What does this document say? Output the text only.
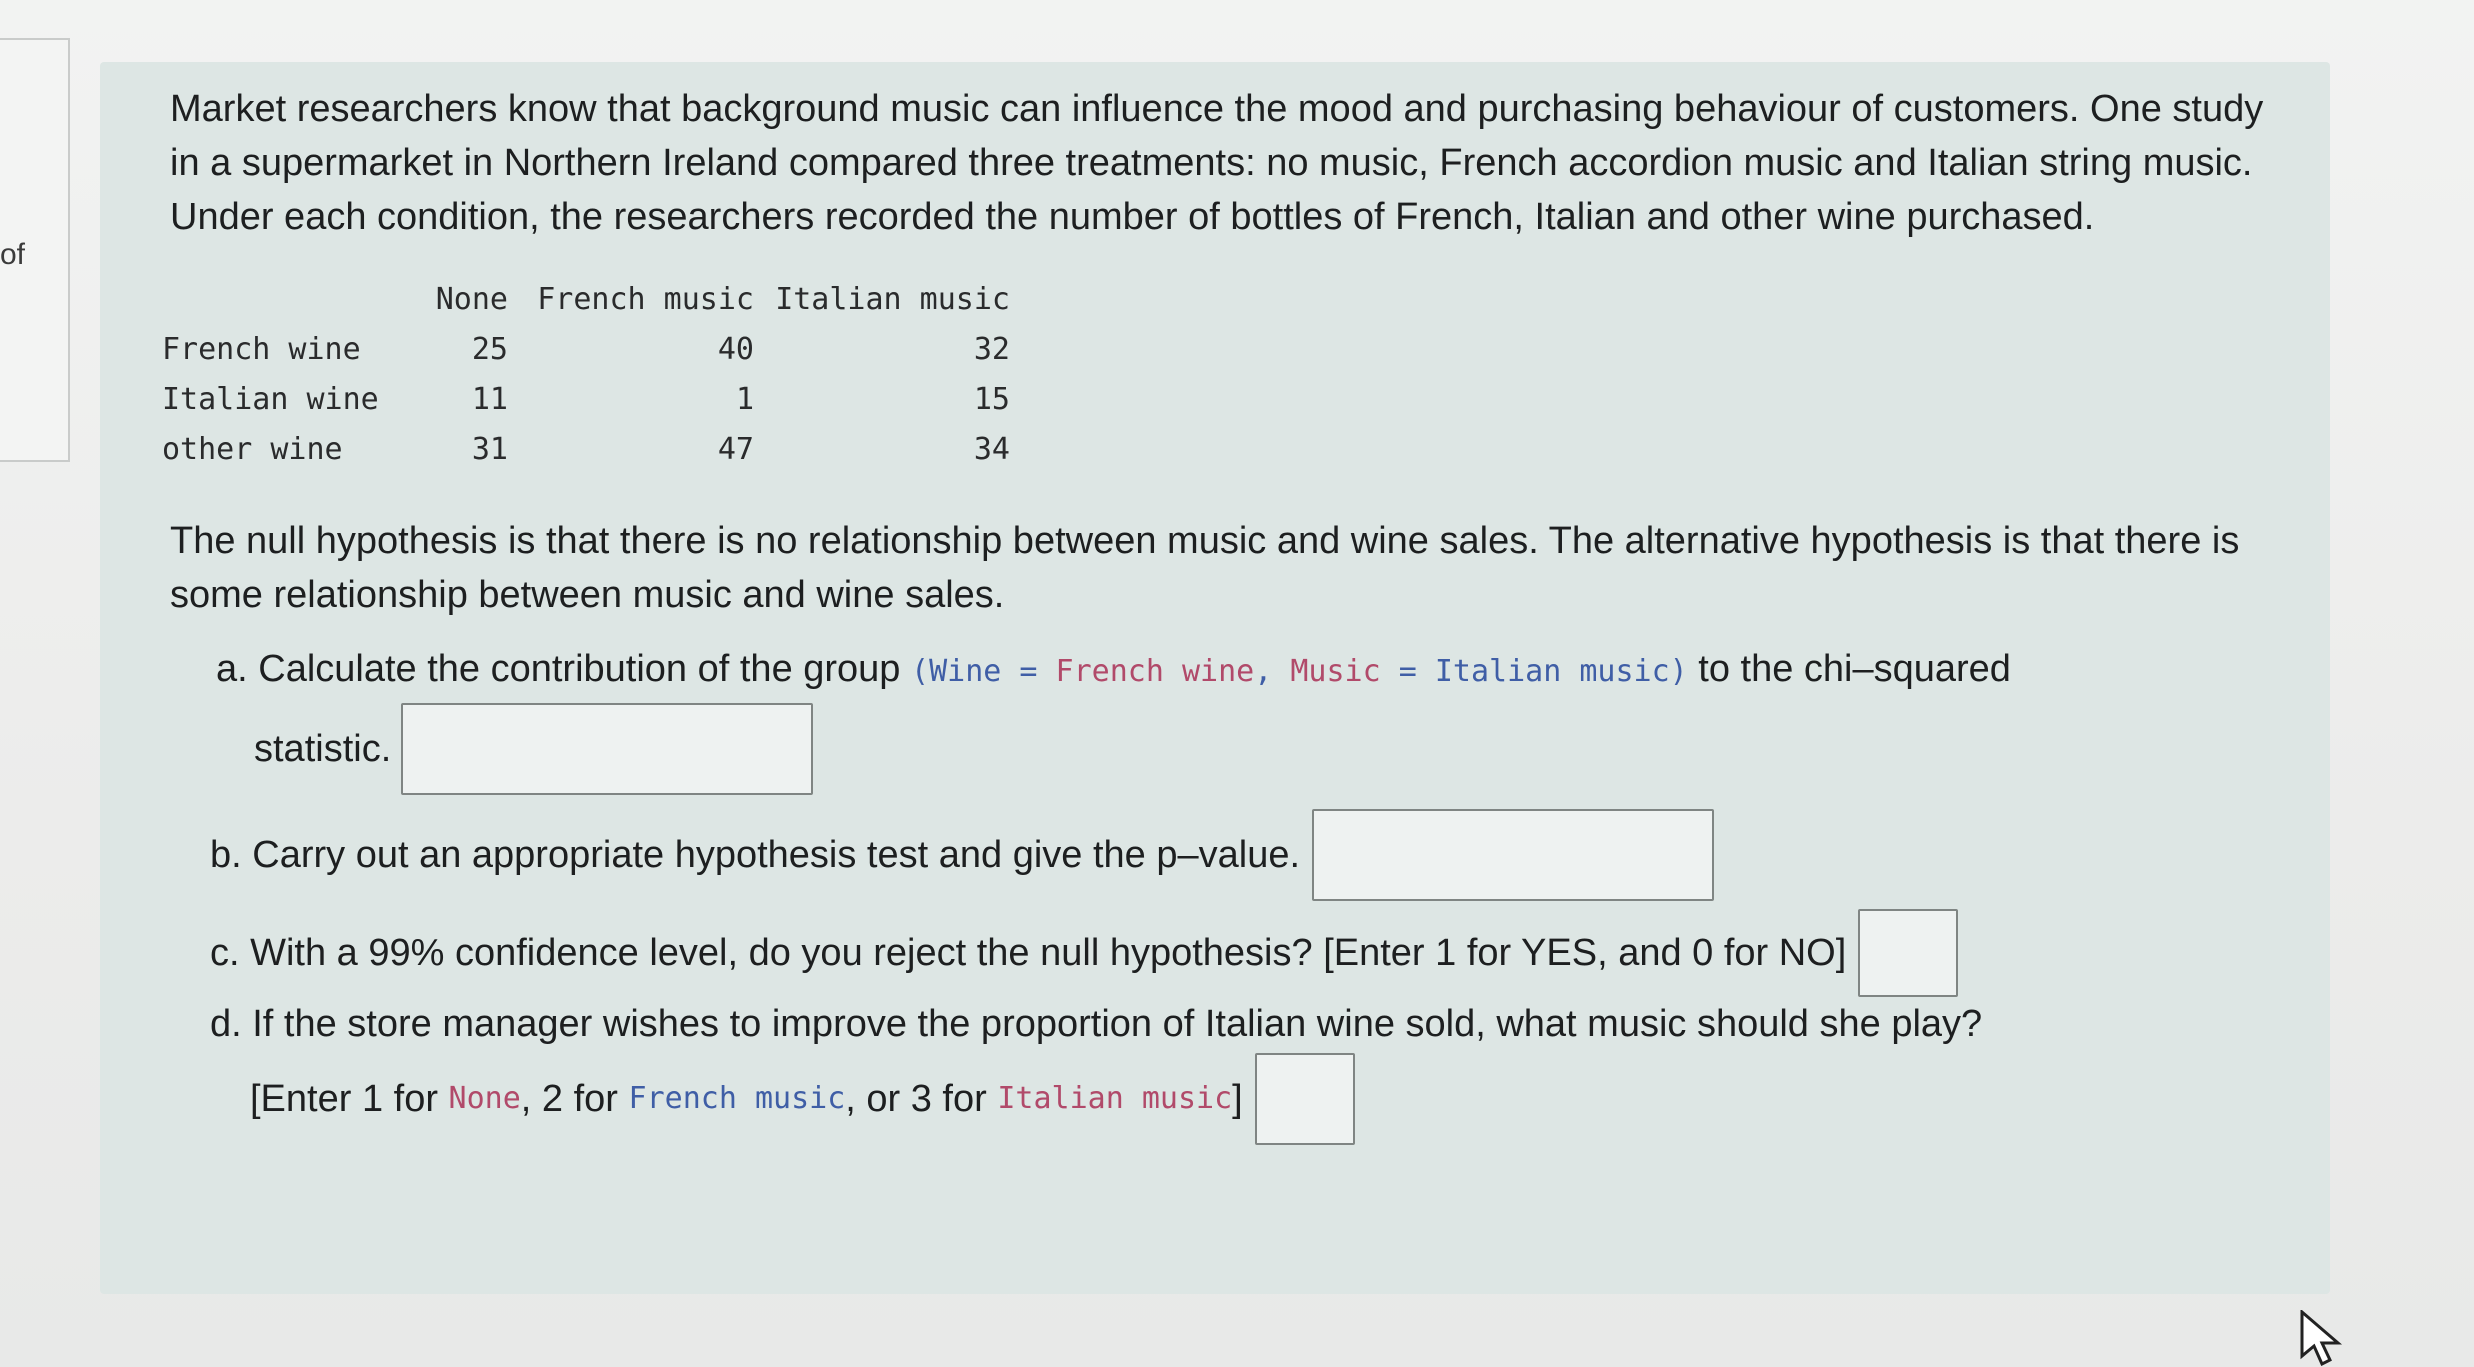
of

Market researchers know that background music can influence the mood and purchasing behaviour of customers. One study in a supermarket in Northern Ireland compared three treatments: no music, French accordion music and Italian string music. Under each condition, the researchers recorded the number of bottles of French, Italian and other wine purchased.

	None	French music	Italian music
French wine	25	40	32
Italian wine	11	1	15
other wine	31	47	34

The null hypothesis is that there is no relationship between music and wine sales. The alternative hypothesis is that there is some relationship between music and wine sales.

a. Calculate the contribution of the group (Wine = French wine, Music = Italian music) to the chi–squared
statistic.
b. Carry out an appropriate hypothesis test and give the p–value.
c. With a 99% confidence level, do you reject the null hypothesis? [Enter 1 for YES, and 0 for NO]
d. If the store manager wishes to improve the proportion of Italian wine sold, what music should she play?
[Enter 1 for
None , 2 for
French music , or 3 for
Italian music ]
